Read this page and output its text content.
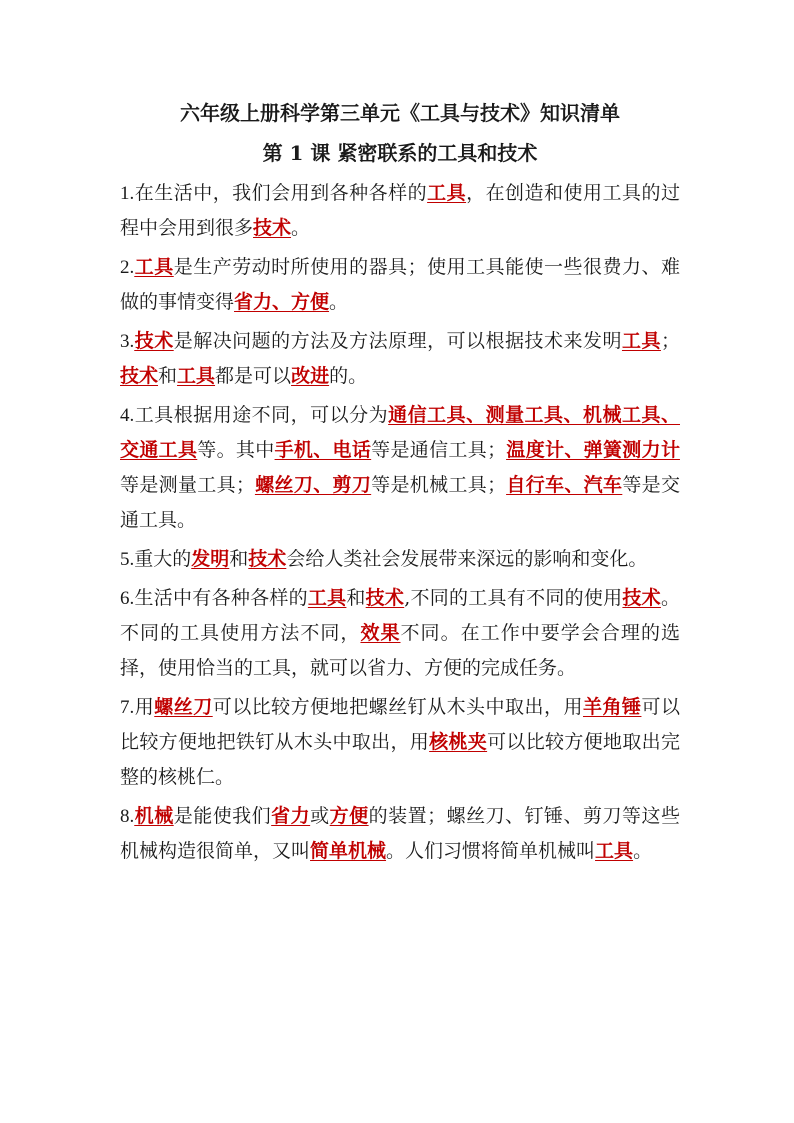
六年级上册科学第三单元《工具与技术》知识清单
第 1 课 紧密联系的工具和技术

1.在生活中，我们会用到各种各样的工具，在创造和使用工具的过程中会用到很多技术。

2.工具是生产劳动时所使用的器具；使用工具能使一些很费力、难做的事情变得省力、方便。

3.技术是解决问题的方法及方法原理，可以根据技术来发明工具；技术和工具都是可以改进的。

4.工具根据用途不同，可以分为通信工具、测量工具、机械工具、交通工具等。其中手机、电话等是通信工具；温度计、弹簧测力计等是测量工具；螺丝刀、剪刀等是机械工具；自行车、汽车等是交通工具。

5.重大的发明和技术会给人类社会发展带来深远的影响和变化。

6.生活中有各种各样的工具和技术,不同的工具有不同的使用技术。不同的工具使用方法不同，效果不同。在工作中要学会合理的选择，使用恰当的工具，就可以省力、方便的完成任务。

7.用螺丝刀可以比较方便地把螺丝钉从木头中取出，用羊角锤可以比较方便地把铁钉从木头中取出，用核桃夹可以比较方便地取出完整的核桃仁。

8.机械是能使我们省力或方便的装置；螺丝刀、钉锤、剪刀等这些机械构造很简单，又叫简单机械。人们习惯将简单机械叫工具。
